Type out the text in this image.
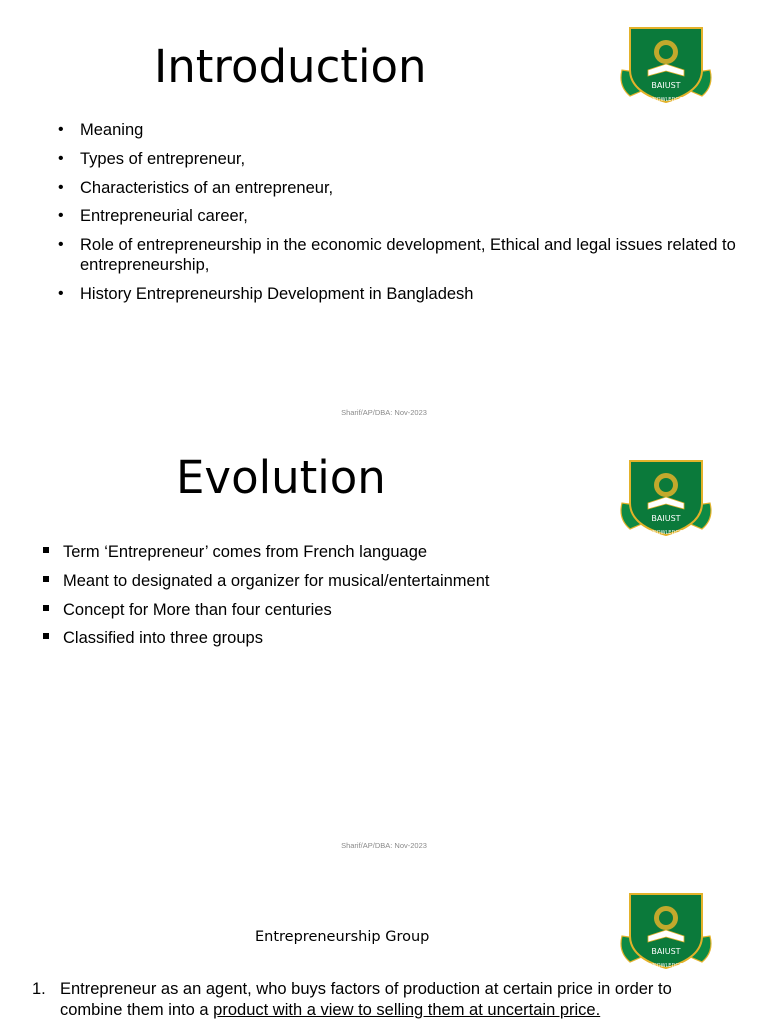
Introduction	BAIUST
KNOWLEDGE
• Meaning
• Types of entrepreneur,
• Characteristics of an entrepreneur,
• Entrepreneurial career,
• Role of entrepreneurship in the economic development, Ethical and legal issues related to entrepreneurship,
• History Entrepreneurship Development in Bangladesh
Sharif/AP/DBA: Nov-2023
Evolution
BAIUST
KNOWLEDGE
Term ‘Entrepreneur’ comes from French language
Meant to designated a organizer for musical/entertainment
Concept for More than four centuries
Classified into three groups
Sharif/AP/DBA: Nov-2023
BAIUST
KNOWLEDGE
Entrepreneurship Group
1. Entrepreneur as an agent, who buys factors of production at certain price in order to combine them into a product with a view to selling them at uncertain price.
